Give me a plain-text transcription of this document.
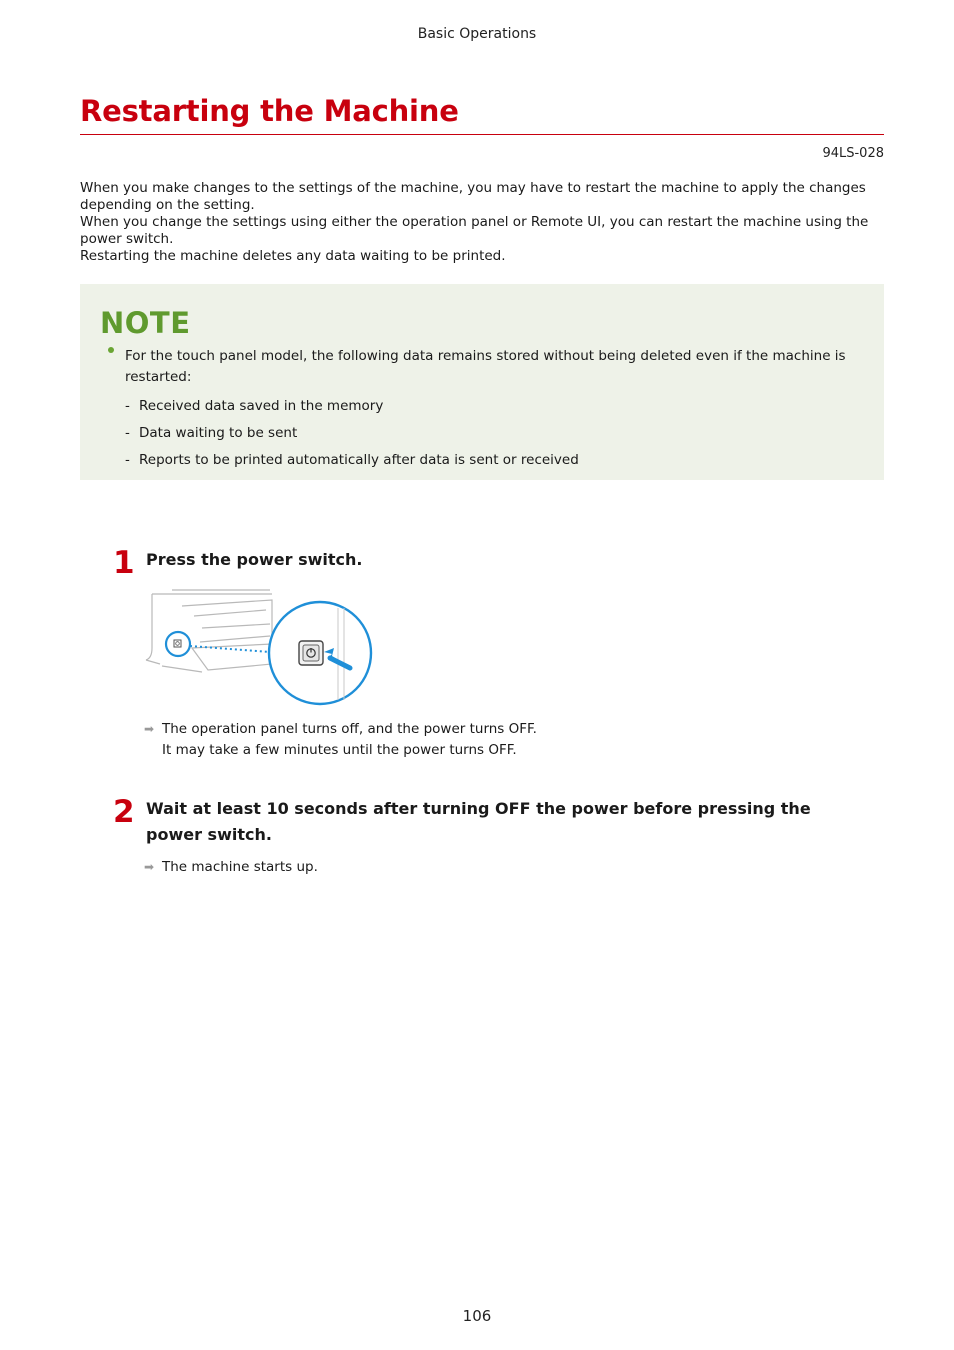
Basic Operations
Restarting the Machine
94LS-028

When you make changes to the settings of the machine, you may have to restart the machine to apply the changes depending on the setting.

When you change the settings using either the operation panel or Remote UI, you can restart the machine using the power switch.

Restarting the machine deletes any data waiting to be printed.

NOTE
For the touch panel model, the following data remains stored without being deleted even if the machine is restarted:
- Received data saved in the memory
- Data waiting to be sent
- Reports to be printed automatically after data is sent or received
1 Press the power switch.
➡ The operation panel turns off, and the power turns OFF.
It may take a few minutes until the power turns OFF.
2 Wait at least 10 seconds after turning OFF the power before pressing the power switch.
➡ The machine starts up.
106
